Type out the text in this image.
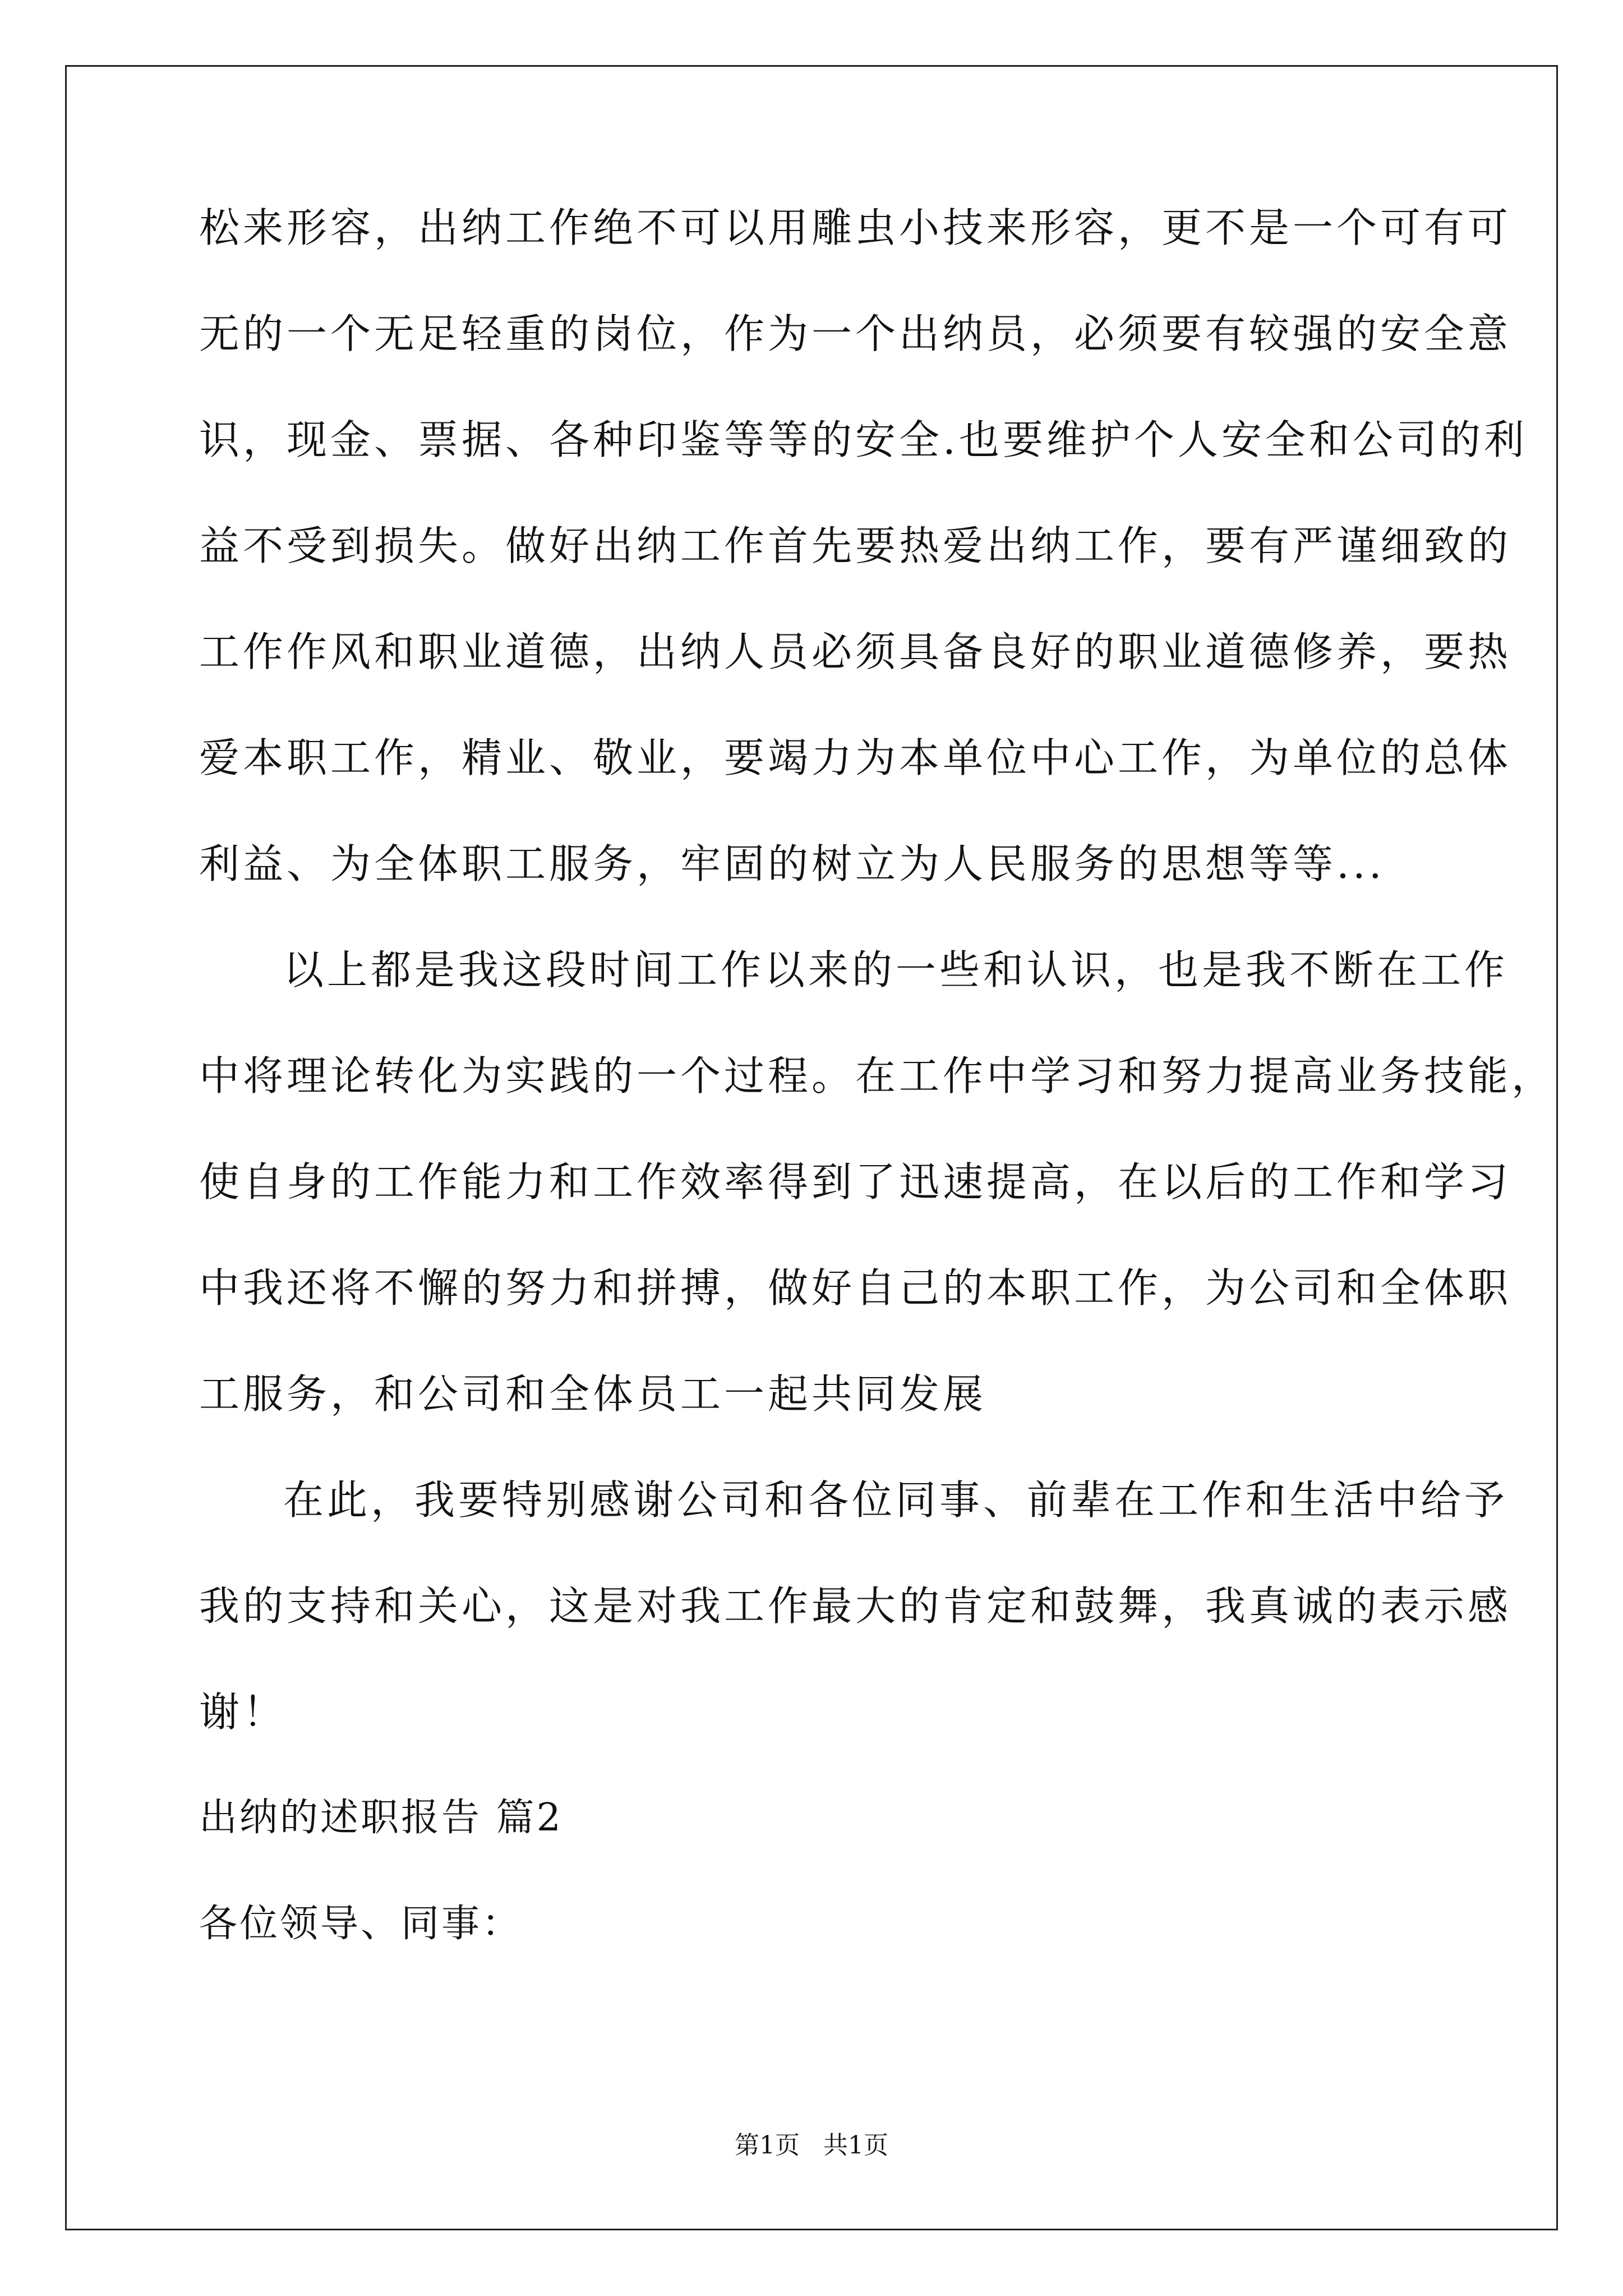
松来形容，出纳工作绝不可以用雕虫小技来形容，更不是一个可有可
无的一个无足轻重的岗位，作为一个出纳员，必须要有较强的安全意
识，现金、票据、各种印鉴等等的安全.也要维护个人安全和公司的利
益不受到损失。做好出纳工作首先要热爱出纳工作，要有严谨细致的
工作作风和职业道德，出纳人员必须具备良好的职业道德修养，要热
爱本职工作，精业、敬业，要竭力为本单位中心工作，为单位的总体
利益、为全体职工服务，牢固的树立为人民服务的思想等等...
以上都是我这段时间工作以来的一些和认识，也是我不断在工作
中将理论转化为实践的一个过程。在工作中学习和努力提高业务技能，
使自身的工作能力和工作效率得到了迅速提高，在以后的工作和学习
中我还将不懈的努力和拼搏，做好自己的本职工作，为公司和全体职
工服务，和公司和全体员工一起共同发展
在此，我要特别感谢公司和各位同事、前辈在工作和生活中给予
我的支持和关心，这是对我工作最大的肯定和鼓舞，我真诚的表示感
谢！
出纳的述职报告 篇2
各位领导、同事：
第1页 共1页
